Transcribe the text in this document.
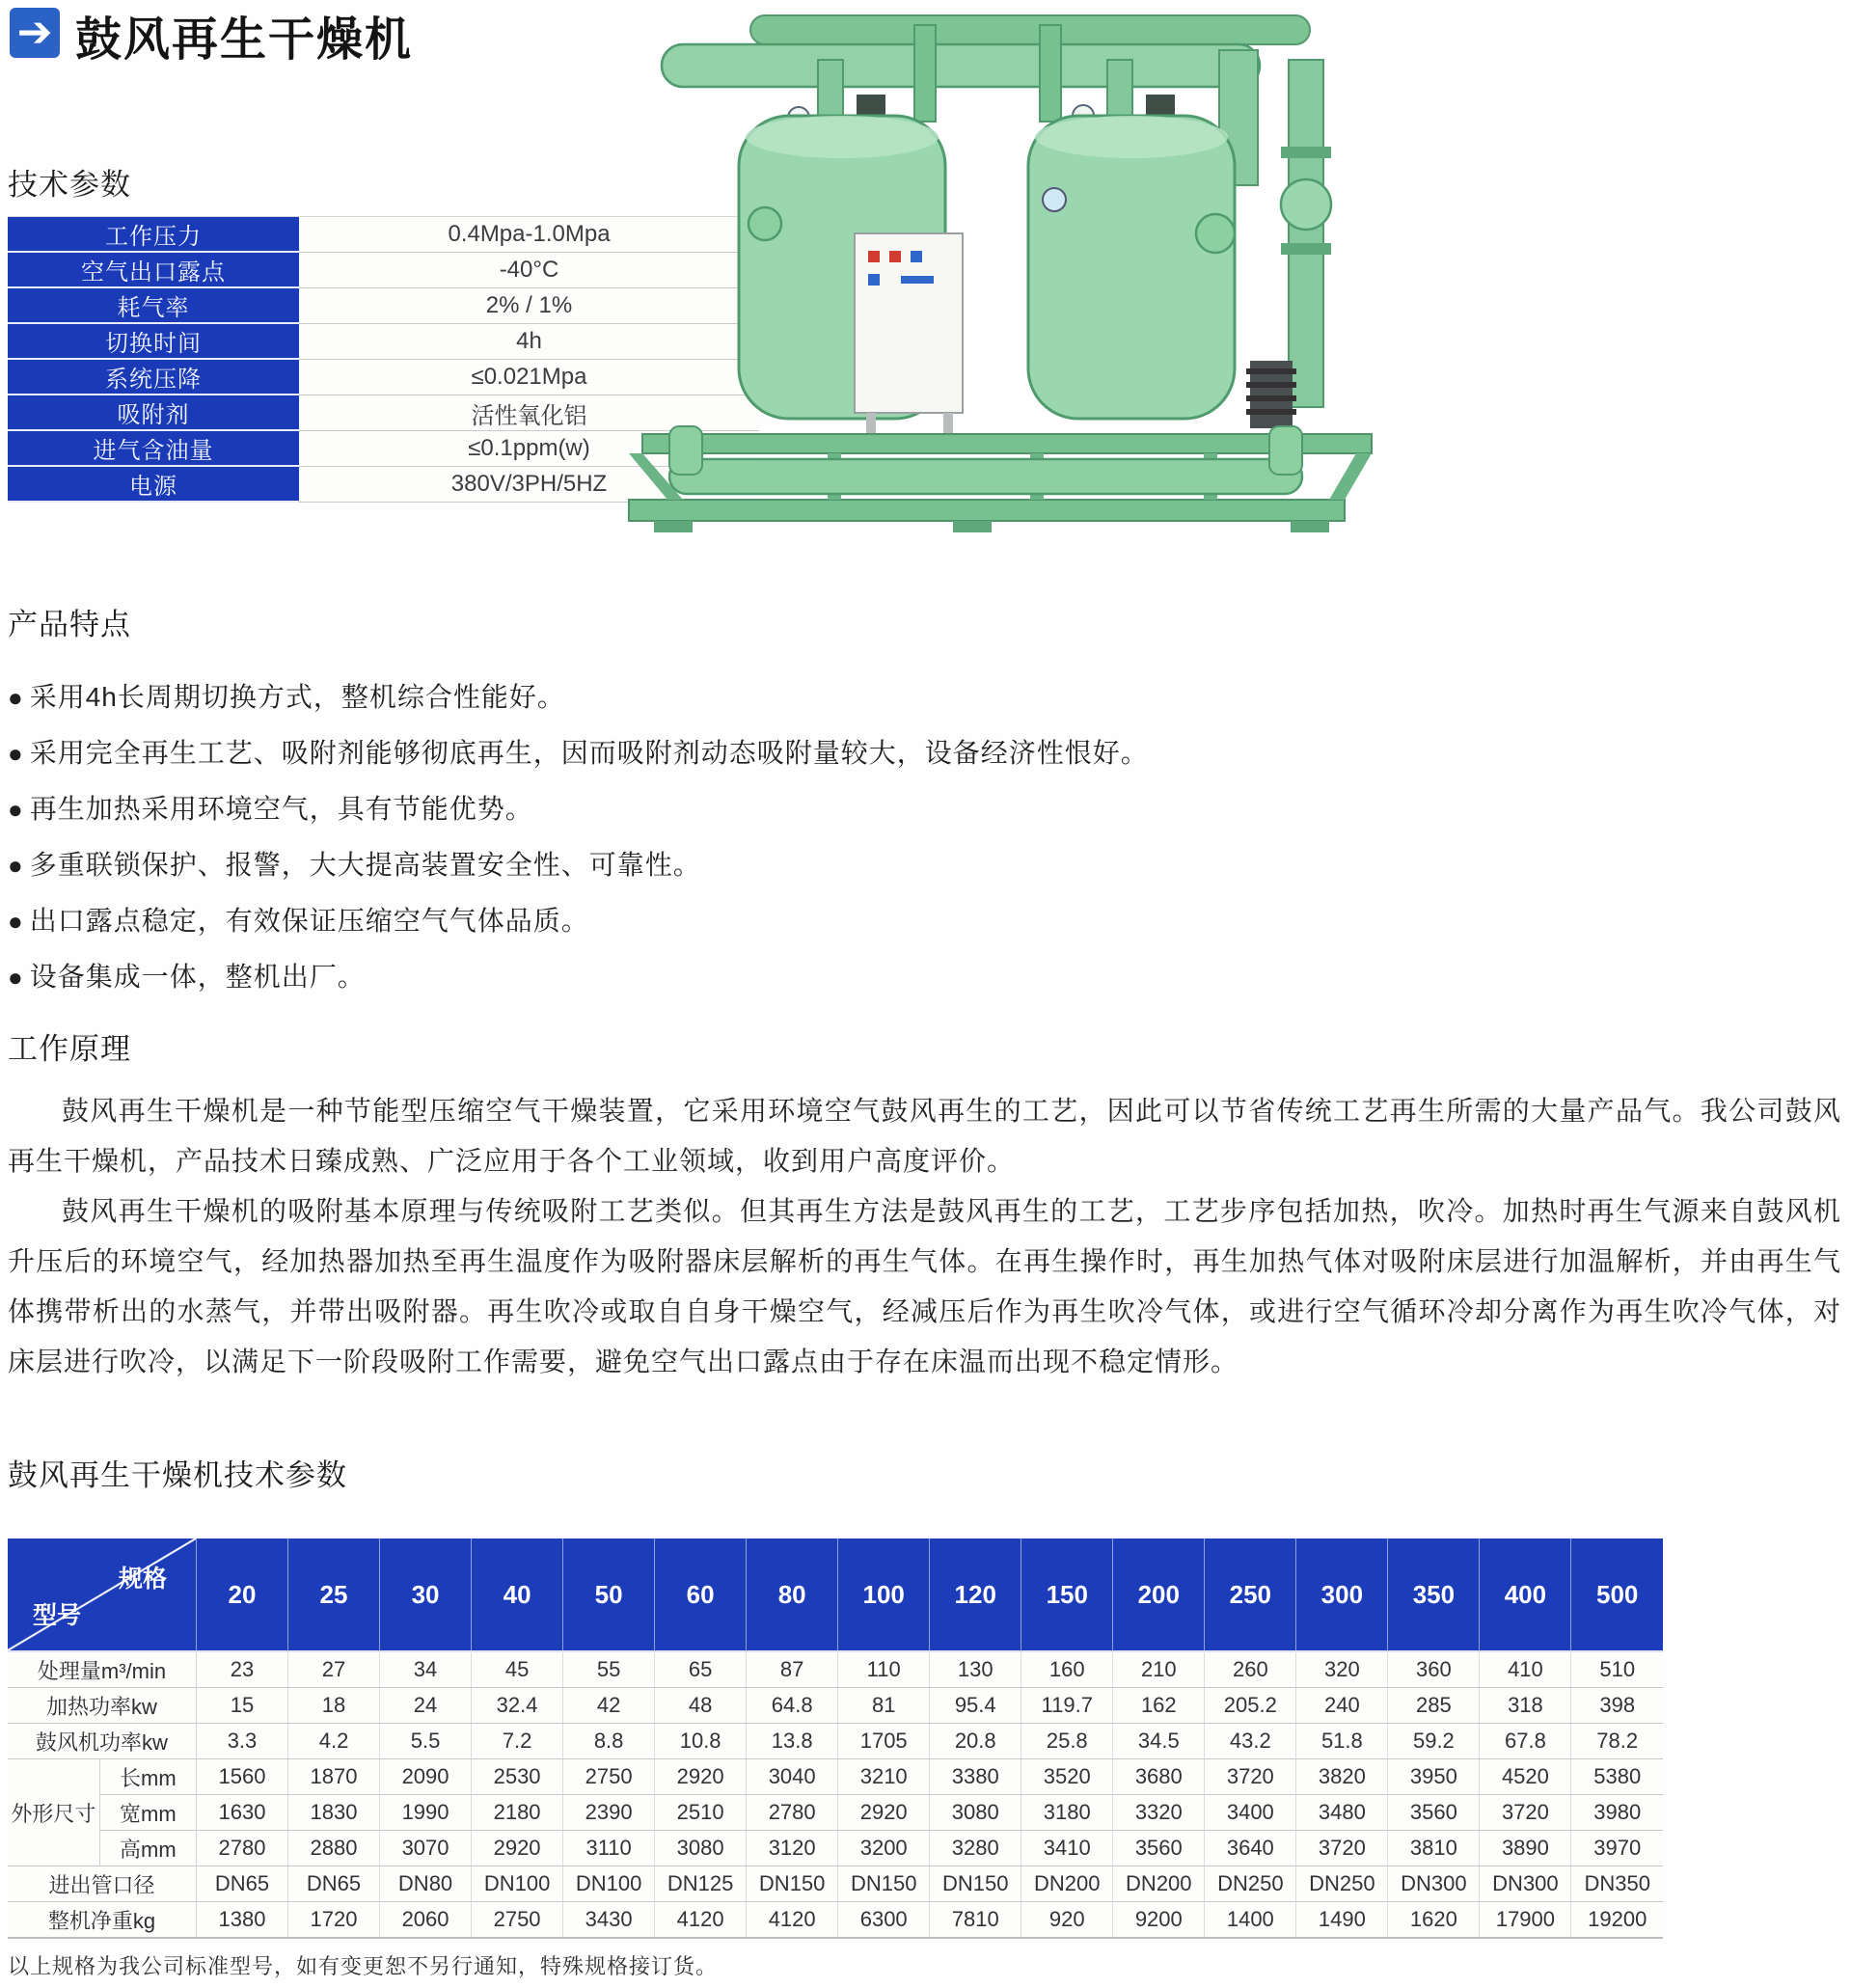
➔ 鼓风再生干燥机
技术参数
工作压力	0.4Mpa-1.0Mpa
空气出口露点	-40°C
耗气率	2% / 1%
切换时间	4h
系统压降	≤0.021Mpa
吸附剂	活性氧化铝
进气含油量	≤0.1ppm(w)
电源	380V/3PH/5HZ
产品特点
● 采用4h长周期切换方式，整机综合性能好。
● 采用完全再生工艺、吸附剂能够彻底再生，因而吸附剂动态吸附量较大，设备经济性恨好。
● 再生加热采用环境空气，具有节能优势。
● 多重联锁保护、报警，大大提高装置安全性、可靠性。
● 出口露点稳定，有效保证压缩空气气体品质。
● 设备集成一体，整机出厂。
工作原理

鼓风再生干燥机是一种节能型压缩空气干燥装置，它采用环境空气鼓风再生的工艺，因此可以节省传统工艺再生所需的大量产品气。我公司鼓风再生干燥机，产品技术日臻成熟、广泛应用于各个工业领域，收到用户高度评价。

鼓风再生干燥机的吸附基本原理与传统吸附工艺类似。但其再生方法是鼓风再生的工艺，工艺步序包括加热，吹冷。加热时再生气源来自鼓风机升压后的环境空气，经加热器加热至再生温度作为吸附器床层解析的再生气体。在再生操作时，再生加热气体对吸附床层进行加温解析，并由再生气体携带析出的水蒸气，并带出吸附器。再生吹冷或取自自身干燥空气，经减压后作为再生吹冷气体，或进行空气循环冷却分离作为再生吹冷气体，对床层进行吹冷，以满足下一阶段吸附工作需要，避免空气出口露点由于存在床温而出现不稳定情形。

鼓风再生干燥机技术参数
规格
型号		20	25	30	40	50	60	80	100	120	150	200	250	300	350	400	500
处理量m³/min		23	27	34	45	55	65	87	110	130	160	210	260	320	360	410	510
加热功率kw		15	18	24	32.4	42	48	64.8	81	95.4	119.7	162	205.2	240	285	318	398
鼓风机功率kw		3.3	4.2	5.5	7.2	8.8	10.8	13.8	1705	20.8	25.8	34.5	43.2	51.8	59.2	67.8	78.2
外形尺寸	长mm	1560	1870	2090	2530	2750	2920	3040	3210	3380	3520	3680	3720	3820	3950	4520	5380
	宽mm	1630	1830	1990	2180	2390	2510	2780	2920	3080	3180	3320	3400	3480	3560	3720	3980
	高mm	2780	2880	3070	2920	3110	3080	3120	3200	3280	3410	3560	3640	3720	3810	3890	3970
进出管口径		DN65	DN65	DN80	DN100	DN100	DN125	DN150	DN150	DN150	DN200	DN200	DN250	DN250	DN300	DN300	DN350
整机净重kg		1380	1720	2060	2750	3430	4120	4120	6300	7810	920	9200	1400	1490	1620	17900	19200
以上规格为我公司标准型号，如有变更恕不另行通知，特殊规格接订货。
